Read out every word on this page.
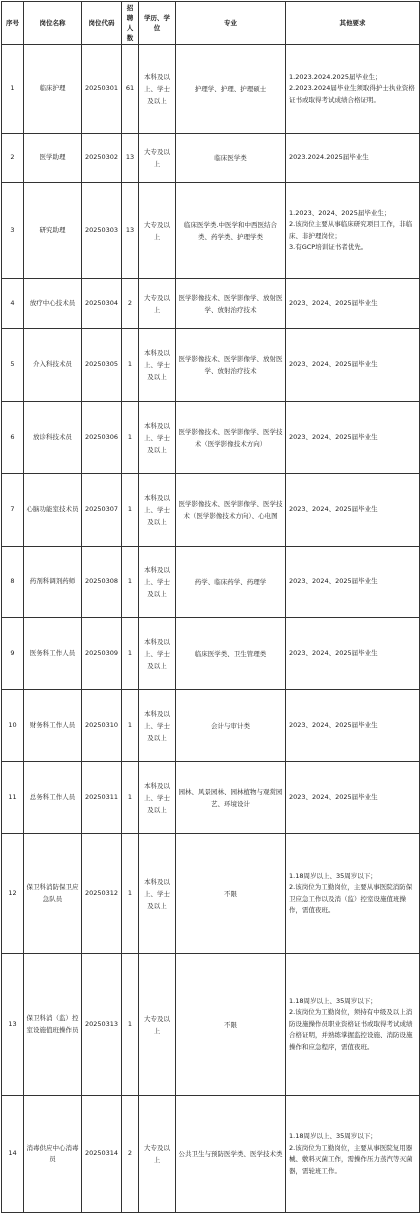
序号	岗位名称	岗位代码	招聘人数	学历、学位	专业	其他要求
1	临床护理	20250301	61	本科及以上、学士及以上	护理学、护理、护理硕士	1.2023.2024.2025届毕业生；
2.2023.2024届毕业生须取得护士执业资格证书或取得考试成绩合格证明。

2	医学助理	20250302	13	大专及以上	临床医学类	2023.2024.2025届毕业生

3	研究助理	20250303	13	大专及以上	临床医学类.中医学和中西医结合类、药学类、护理学类	1.2023、2024、2025届毕业生；
2.该岗位主要从事临床研究项目工作，非临床、非护理岗位；
3.有GCP培训证书者优先。

4	放疗中心技术员	20250304	2	大专及以上	医学影像技术、医学影像学、放射医学、放射治疗技术	2023、2024、2025届毕业生

5	介入科技术员	20250305	1	本科及以上、学士及以上	医学影像技术、医学影像学、放射医学、放射治疗技术	2023、2024、2025届毕业生

6	放诊科技术员	20250306	1	本科及以上、学士及以上	医学影像技术、医学影像学、医学技术（医学影像技术方向）	2023、2024、2025届毕业生

7	心脑功能室技术员	20250307	1	本科及以上、学士及以上	医学影像技术、医学影像学、医学技术（医学影像技术方向）、心电图	2023、2024、2025届毕业生

8	药剂科调剂药师	20250308	1	本科及以上、学士及以上	药学、临床药学、药理学	2023、2024、2025届毕业生

9	医务科工作人员	20250309	1	本科及以上、学士及以上	临床医学类、卫生管理类	2023、2024、2025届毕业生

10	财务科工作人员	20250310	1	本科及以上、学士及以上	会计与审计类	2023、2024、2025届毕业生

11	总务科工作人员	20250311	1	本科及以上、学士及以上	园林、风景园林、园林植物与观赏园艺、环境设计	2023、2024、2025届毕业生

12	保卫科消防保卫应急队员	20250312	1	本科及以上、学士及以上	不限	1.18周岁以上、35周岁以下；
2.该岗位为工勤岗位，主要从事医院消防保卫应急工作以及消（监）控室设施值班操作，需值夜班。

13	保卫科消（监）控室设施值班操作员	20250313	1	大专及以上	不限	1.18周岁以上、35周岁以下；
2.该岗位为工勤岗位，须持有中级及以上消防设施操作员职业资格证书或取得考试成绩合格证明，并熟练掌握监控设施、消防设施操作和应急程序，需值夜班。

14	消毒供应中心消毒员	20250314	2	大专及以上	公共卫生与预防医学类、医学技术类	1.18周岁以上、35周岁以下；
2.该岗位为工勤岗位，主要从事医院复用器械、敷料灭菌工作，需操作压力蒸汽等灭菌器，需轮班工作。
